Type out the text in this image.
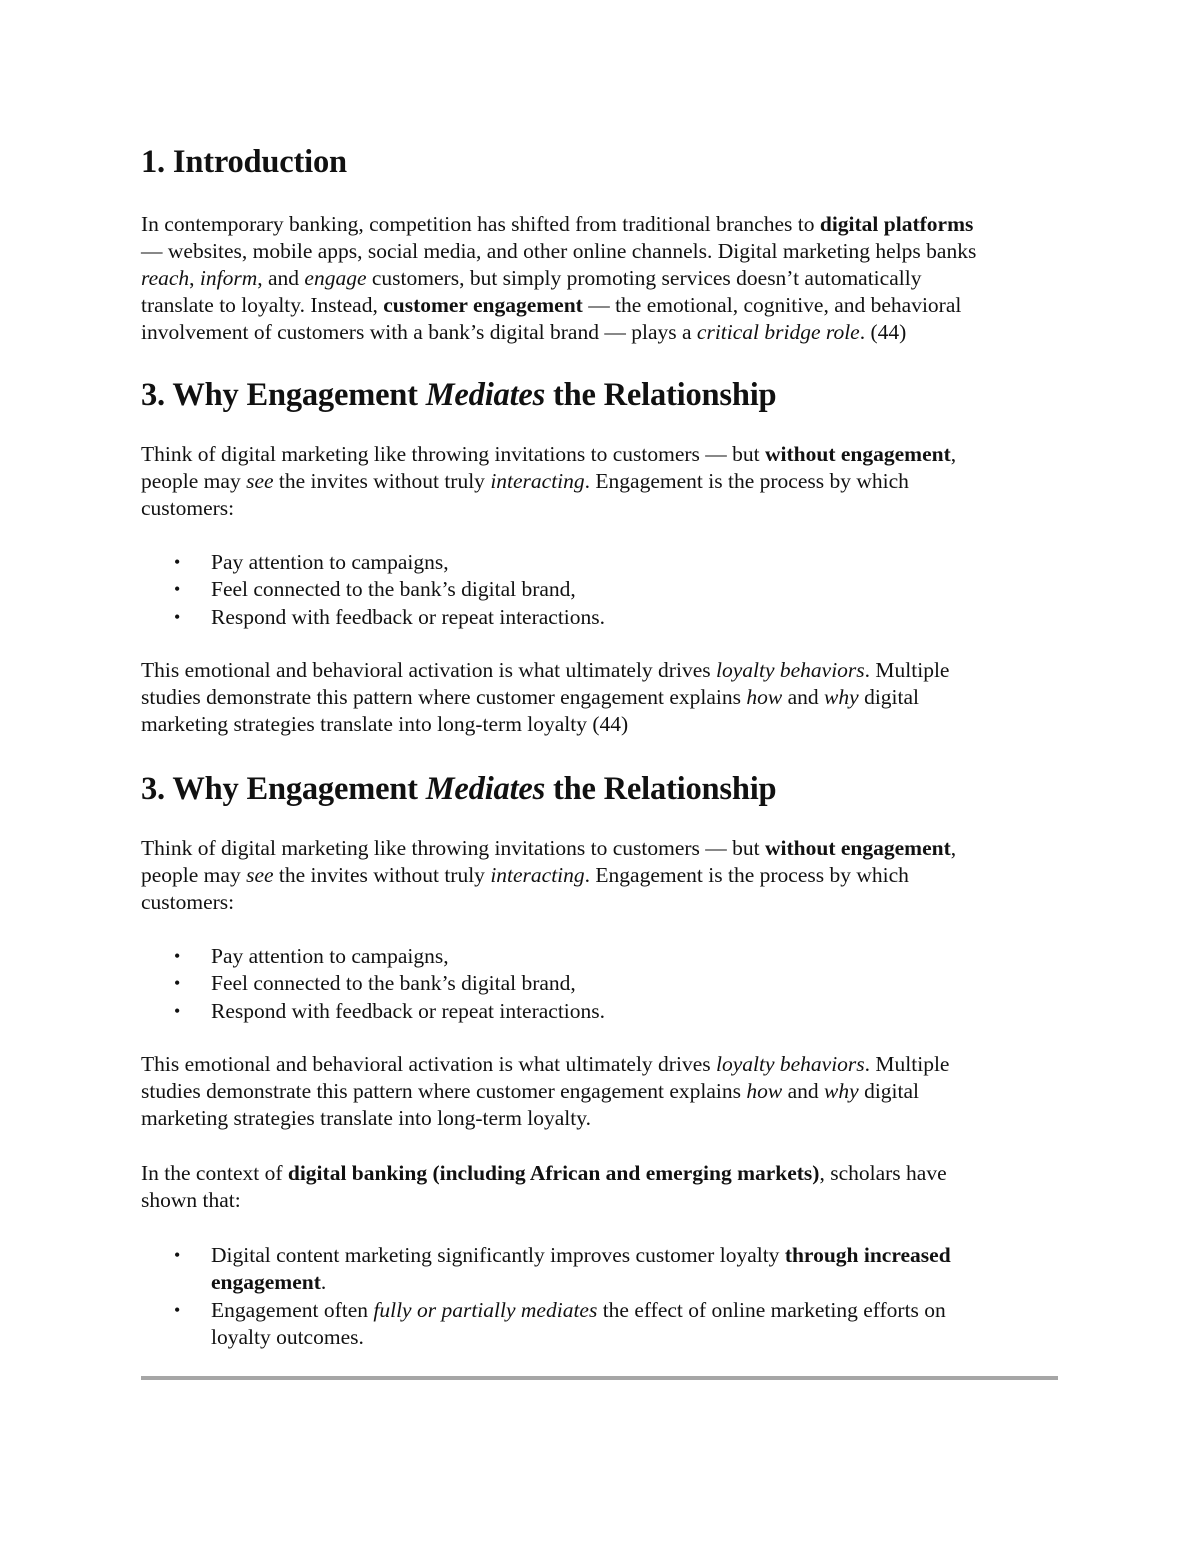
1. Introduction

In contemporary banking, competition has shifted from traditional branches to digital platforms
— websites, mobile apps, social media, and other online channels. Digital marketing helps banks
reach, inform, and engage customers, but simply promoting services doesn’t automatically
translate to loyalty. Instead, customer engagement — the emotional, cognitive, and behavioral
involvement of customers with a bank’s digital brand — plays a critical bridge role. (44)

3. Why Engagement Mediates the Relationship

Think of digital marketing like throwing invitations to customers — but without engagement,
people may see the invites without truly interacting. Engagement is the process by which
customers:

• Pay attention to campaigns,
• Feel connected to the bank’s digital brand,
• Respond with feedback or repeat interactions.

This emotional and behavioral activation is what ultimately drives loyalty behaviors. Multiple
studies demonstrate this pattern where customer engagement explains how and why digital
marketing strategies translate into long-term loyalty (44)

3. Why Engagement Mediates the Relationship

Think of digital marketing like throwing invitations to customers — but without engagement,
people may see the invites without truly interacting. Engagement is the process by which
customers:

• Pay attention to campaigns,
• Feel connected to the bank’s digital brand,
• Respond with feedback or repeat interactions.

This emotional and behavioral activation is what ultimately drives loyalty behaviors. Multiple
studies demonstrate this pattern where customer engagement explains how and why digital
marketing strategies translate into long-term loyalty.

In the context of digital banking (including African and emerging markets), scholars have
shown that:

• Digital content marketing significantly improves customer loyalty through increased
engagement.
• Engagement often fully or partially mediates the effect of online marketing efforts on
loyalty outcomes.
